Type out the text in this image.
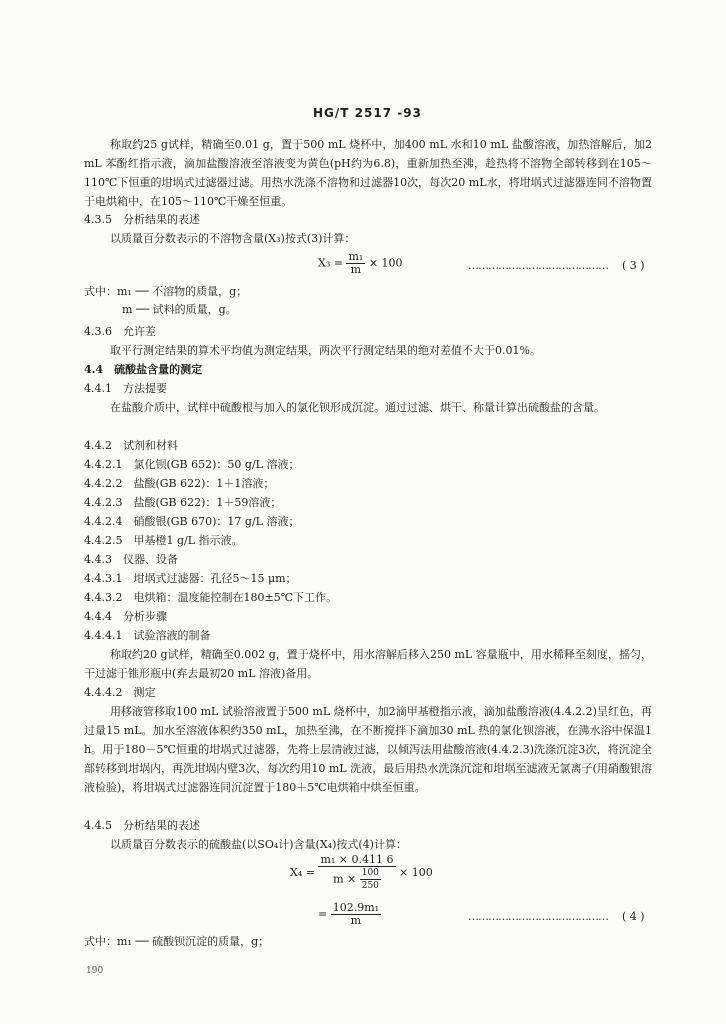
HG/T 2517 -93
称取约25 g试样，精确至0.01 g，置于500 mL 烧杯中，加400 mL 水和10 mL 盐酸溶液，加热溶解后，加2 mL 苯酚红指示液，滴加盐酸溶液至溶液变为黄色(pH约为6.8)，重新加热至沸，趁热将不溶物全部转移到在105～110℃下恒重的坩埚式过滤器过滤。用热水洗涤不溶物和过滤器10次，每次20 mL水，将坩埚式过滤器连同不溶物置于电烘箱中，在105～110℃干燥至恒重。
4.3.5　分析结果的表述
以质量百分数表示的不溶物含量(X₃)按式(3)计算：
$X_3 = \frac{\text{m₁}}{m} \times 100$	…………………………………… ( 3 )
式中：m₁ ── 不溶物的质量，g；
m ── 试料的质量，g。
4.3.6　允许差
取平行测定结果的算术平均值为测定结果，两次平行测定结果的绝对差值不大于0.01%。
4.4　硫酸盐含量的测定
4.4.1　方法提要
在盐酸介质中，试样中硫酸根与加入的氯化钡形成沉淀。通过过滤、烘干、称量计算出硫酸盐的含量。
4.4.2　试剂和材料
4.4.2.1　氯化钡(GB 652)：50 g/L 溶液；
4.4.2.2　盐酸(GB 622)：1＋1溶液；
4.4.2.3　盐酸(GB 622)：1＋59溶液；
4.4.2.4　硝酸银(GB 670)：17 g/L 溶液；
4.4.2.5　甲基橙1 g/L 指示液。
4.4.3　仪器、设备
4.4.3.1　坩埚式过滤器：孔径5～15 μm；
4.4.3.2　电烘箱：温度能控制在180±5℃下工作。
4.4.4　分析步骤
4.4.4.1　试验溶液的制备
称取约20 g试样，精确至0.002 g，置于烧杯中，用水溶解后移入250 mL 容量瓶中，用水稀释至刻度，摇匀，干过滤于锥形瓶中(弃去最初20 mL 溶液)备用。
4.4.4.2　测定
用移液管移取100 mL 试验溶液置于500 mL 烧杯中，加2滴甲基橙指示液，滴加盐酸溶液(4.4.2.2)呈红色，再过量15 mL。加水至溶液体积约350 mL，加热至沸，在不断搅拌下滴加30 mL 热的氯化钡溶液，在沸水浴中保温1 h。用于180－5℃恒重的坩埚式过滤器，先将上层清液过滤，以倾泻法用盐酸溶液(4.4.2.3)洗涤沉淀3次，将沉淀全部转移到坩埚内，再洗坩埚内壁3次，每次约用10 mL 洗液，最后用热水洗涤沉淀和坩埚至滤液无氯离子(用硝酸银溶液检验)，将坩埚式过滤器连同沉淀置于180＋5℃电烘箱中烘至恒重。
4.4.5　分析结果的表述
以质量百分数表示的硫酸盐(以SO₄计)含量(X₄)按式(4)计算：
$X_4 = \frac{\text{m₁ × 0.411 6}}{m \times \frac{100}{250}} \times 100$
= $\frac{\text{102.9m₁}}{m}$	…………………………………… ( 4 )
式中：m₁ ── 硫酸钡沉淀的质量，g；
190
